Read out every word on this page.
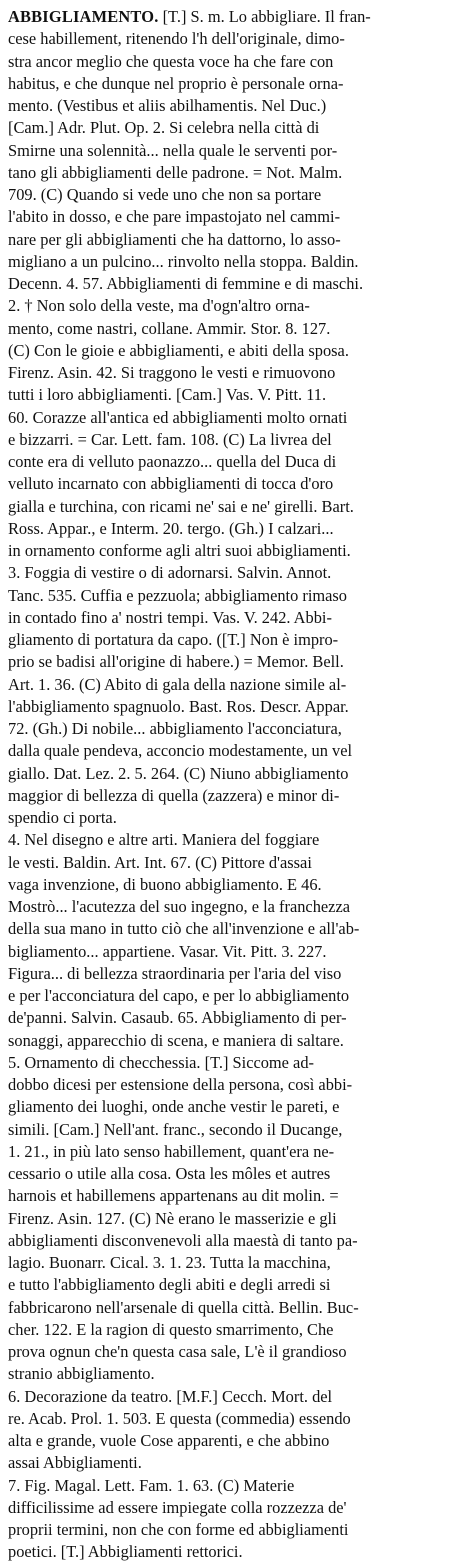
ABBIGLIAMENTO. [T.] S. m. Lo abbigliare. Il fran-
cese habillement, ritenendo l'h dell'originale, dimo-
stra ancor meglio che questa voce ha che fare con
habitus, e che dunque nel proprio è personale orna-
mento. (Vestibus et aliis abilhamentis. Nel Duc.)
[Cam.] Adr. Plut. Op. 2. Si celebra nella città di
Smirne una solennità... nella quale le serventi por-
tano gli abbigliamenti delle padrone. = Not. Malm.
709. (C) Quando si vede uno che non sa portare
l'abito in dosso, e che pare impastojato nel cammi-
nare per gli abbigliamenti che ha dattorno, lo asso-
migliano a un pulcino... rinvolto nella stoppa. Baldin.
Decenn. 4. 57. Abbigliamenti di femmine e di maschi.
2. † Non solo della veste, ma d'ogn'altro orna-
mento, come nastri, collane. Ammir. Stor. 8. 127.
(C) Con le gioie e abbigliamenti, e abiti della sposa.
Firenz. Asin. 42. Si traggono le vesti e rimuovono
tutti i loro abbigliamenti. [Cam.] Vas. V. Pitt. 11.
60. Corazze all'antica ed abbigliamenti molto ornati
e bizzarri. = Car. Lett. fam. 108. (C) La livrea del
conte era di velluto paonazzo... quella del Duca di
velluto incarnato con abbigliamenti di tocca d'oro
gialla e turchina, con ricami ne' sai e ne' girelli. Bart.
Ross. Appar., e Interm. 20. tergo. (Gh.) I calzari...
in ornamento conforme agli altri suoi abbigliamenti.
3. Foggia di vestire o di adornarsi. Salvin. Annot.
Tanc. 535. Cuffia e pezzuola; abbigliamento rimaso
in contado fino a' nostri tempi. Vas. V. 242. Abbi-
gliamento di portatura da capo. ([T.] Non è impro-
prio se badisi all'origine di habere.) = Memor. Bell.
Art. 1. 36. (C) Abito di gala della nazione simile al-
l'abbigliamento spagnuolo. Bast. Ros. Descr. Appar.
72. (Gh.) Di nobile... abbigliamento l'acconciatura,
dalla quale pendeva, acconcio modestamente, un vel
giallo. Dat. Lez. 2. 5. 264. (C) Niuno abbigliamento
maggior di bellezza di quella (zazzera) e minor di-
spendio ci porta.
4. Nel disegno e altre arti. Maniera del foggiare
le vesti. Baldin. Art. Int. 67. (C) Pittore d'assai
vaga invenzione, di buono abbigliamento. E 46.
Mostrò... l'acutezza del suo ingegno, e la franchezza
della sua mano in tutto ciò che all'invenzione e all'ab-
bigliamento... appartiene. Vasar. Vit. Pitt. 3. 227.
Figura... di bellezza straordinaria per l'aria del viso
e per l'acconciatura del capo, e per lo abbigliamento
de'panni. Salvin. Casaub. 65. Abbigliamento di per-
sonaggi, apparecchio di scena, e maniera di saltare.
5. Ornamento di checchessia. [T.] Siccome ad-
dobbo dicesi per estensione della persona, così abbi-
gliamento dei luoghi, onde anche vestir le pareti, e
simili. [Cam.] Nell'ant. franc., secondo il Ducange,
1. 21., in più lato senso habillement, quant'era ne-
cessario o utile alla cosa. Osta les môles et autres
harnois et habillemens appartenans au dit molin. =
Firenz. Asin. 127. (C) Nè erano le masserizie e gli
abbigliamenti disconvenevoli alla maestà di tanto pa-
lagio. Buonarr. Cical. 3. 1. 23. Tutta la macchina,
e tutto l'abbigliamento degli abiti e degli arredi si
fabbricarono nell'arsenale di quella città. Bellin. Buc-
cher. 122. E la ragion di questo smarrimento, Che
prova ognun che'n questa casa sale, L'è il grandioso
stranio abbigliamento.
6. Decorazione da teatro. [M.F.] Cecch. Mort. del
re. Acab. Prol. 1. 503. E questa (commedia) essendo
alta e grande, vuole Cose apparenti, e che abbino
assai Abbigliamenti.
7. Fig. Magal. Lett. Fam. 1. 63. (C) Materie
difficilissime ad essere impiegate colla rozzezza de'
proprii termini, non che con forme ed abbigliamenti
poetici. [T.] Abbigliamenti rettorici.
